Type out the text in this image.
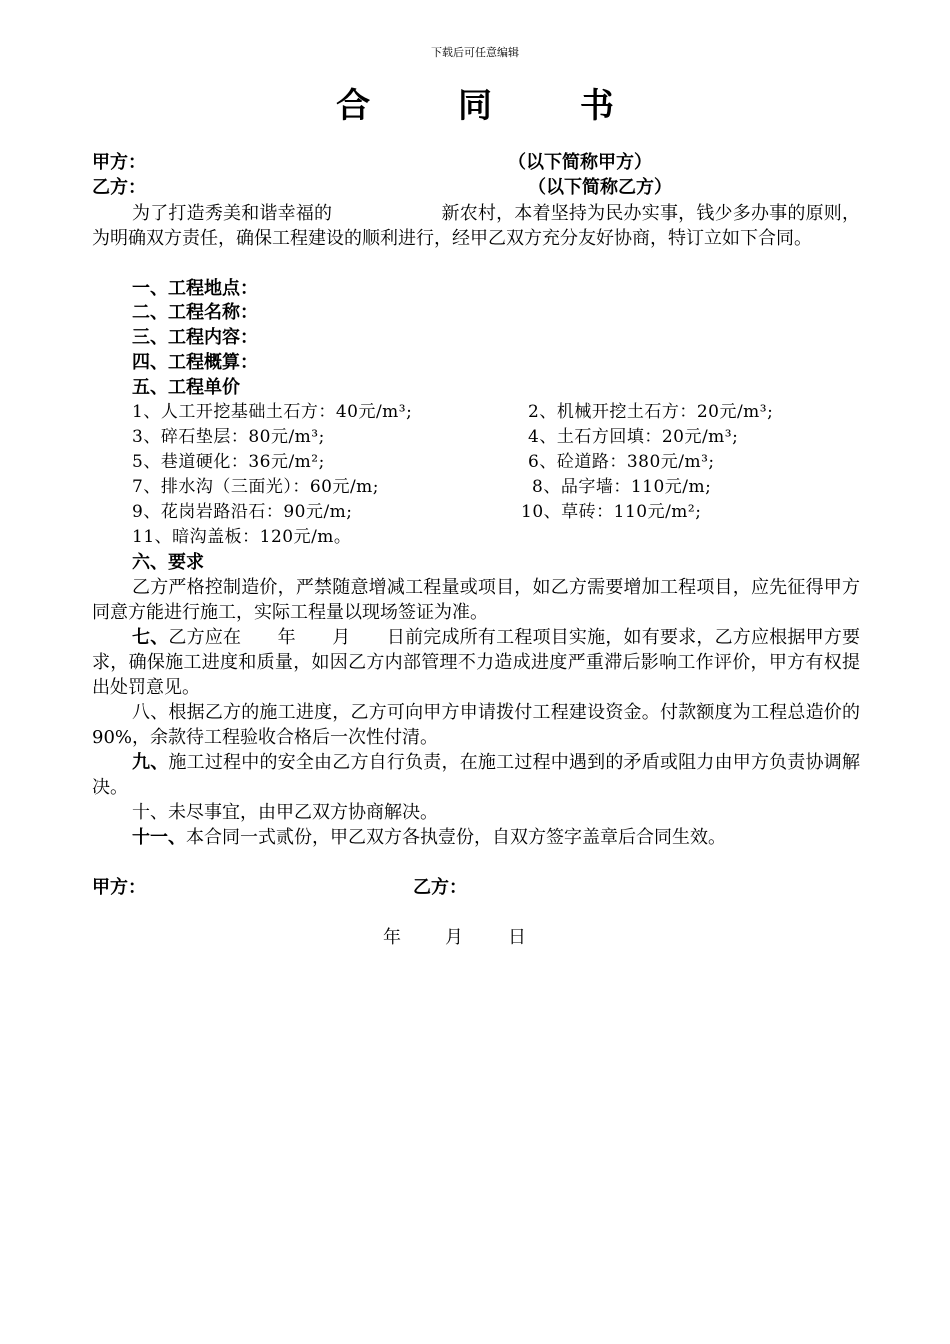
下载后可任意编辑
合 同 书
甲方：	（以下简称甲方）
乙方：	（以下简称乙方）
为了打造秀美和谐幸福的　　　　　　新农村，本着坚持为民办实事，钱少多办事的原则，为明确双方责任，确保工程建设的顺利进行，经甲乙双方充分友好协商，特订立如下合同。
一、工程地点：
二、工程名称：
三、工程内容：
四、工程概算：
五、工程单价
1、人工开挖基础土石方：40元/m³;	2、机械开挖土石方：20元/m³;
3、碎石垫层：80元/m³;	4、土石方回填：20元/m³;
5、巷道硬化：36元/m²;	6、砼道路：380元/m³;
7、排水沟（三面光）：60元/m;	8、品字墙：110元/m;
9、花岗岩路沿石：90元/m;	10、草砖：110元/m²;
11、暗沟盖板：120元/m。
六、要求
乙方严格控制造价，严禁随意增减工程量或项目，如乙方需要增加工程项目，应先征得甲方同意方能进行施工，实际工程量以现场签证为准。
七、乙方应在　　年　　月　　日前完成所有工程项目实施，如有要求，乙方应根据甲方要求，确保施工进度和质量，如因乙方内部管理不力造成进度严重滞后影响工作评价，甲方有权提出处罚意见。
八、根据乙方的施工进度，乙方可向甲方申请拨付工程建设资金。付款额度为工程总造价的90%，余款待工程验收合格后一次性付清。
九、施工过程中的安全由乙方自行负责，在施工过程中遇到的矛盾或阻力由甲方负责协调解决。
十、未尽事宜，由甲乙双方协商解决。
十一、本合同一式贰份，甲乙双方各执壹份，自双方签字盖章后合同生效。
甲方：	乙方：
年 月	日
